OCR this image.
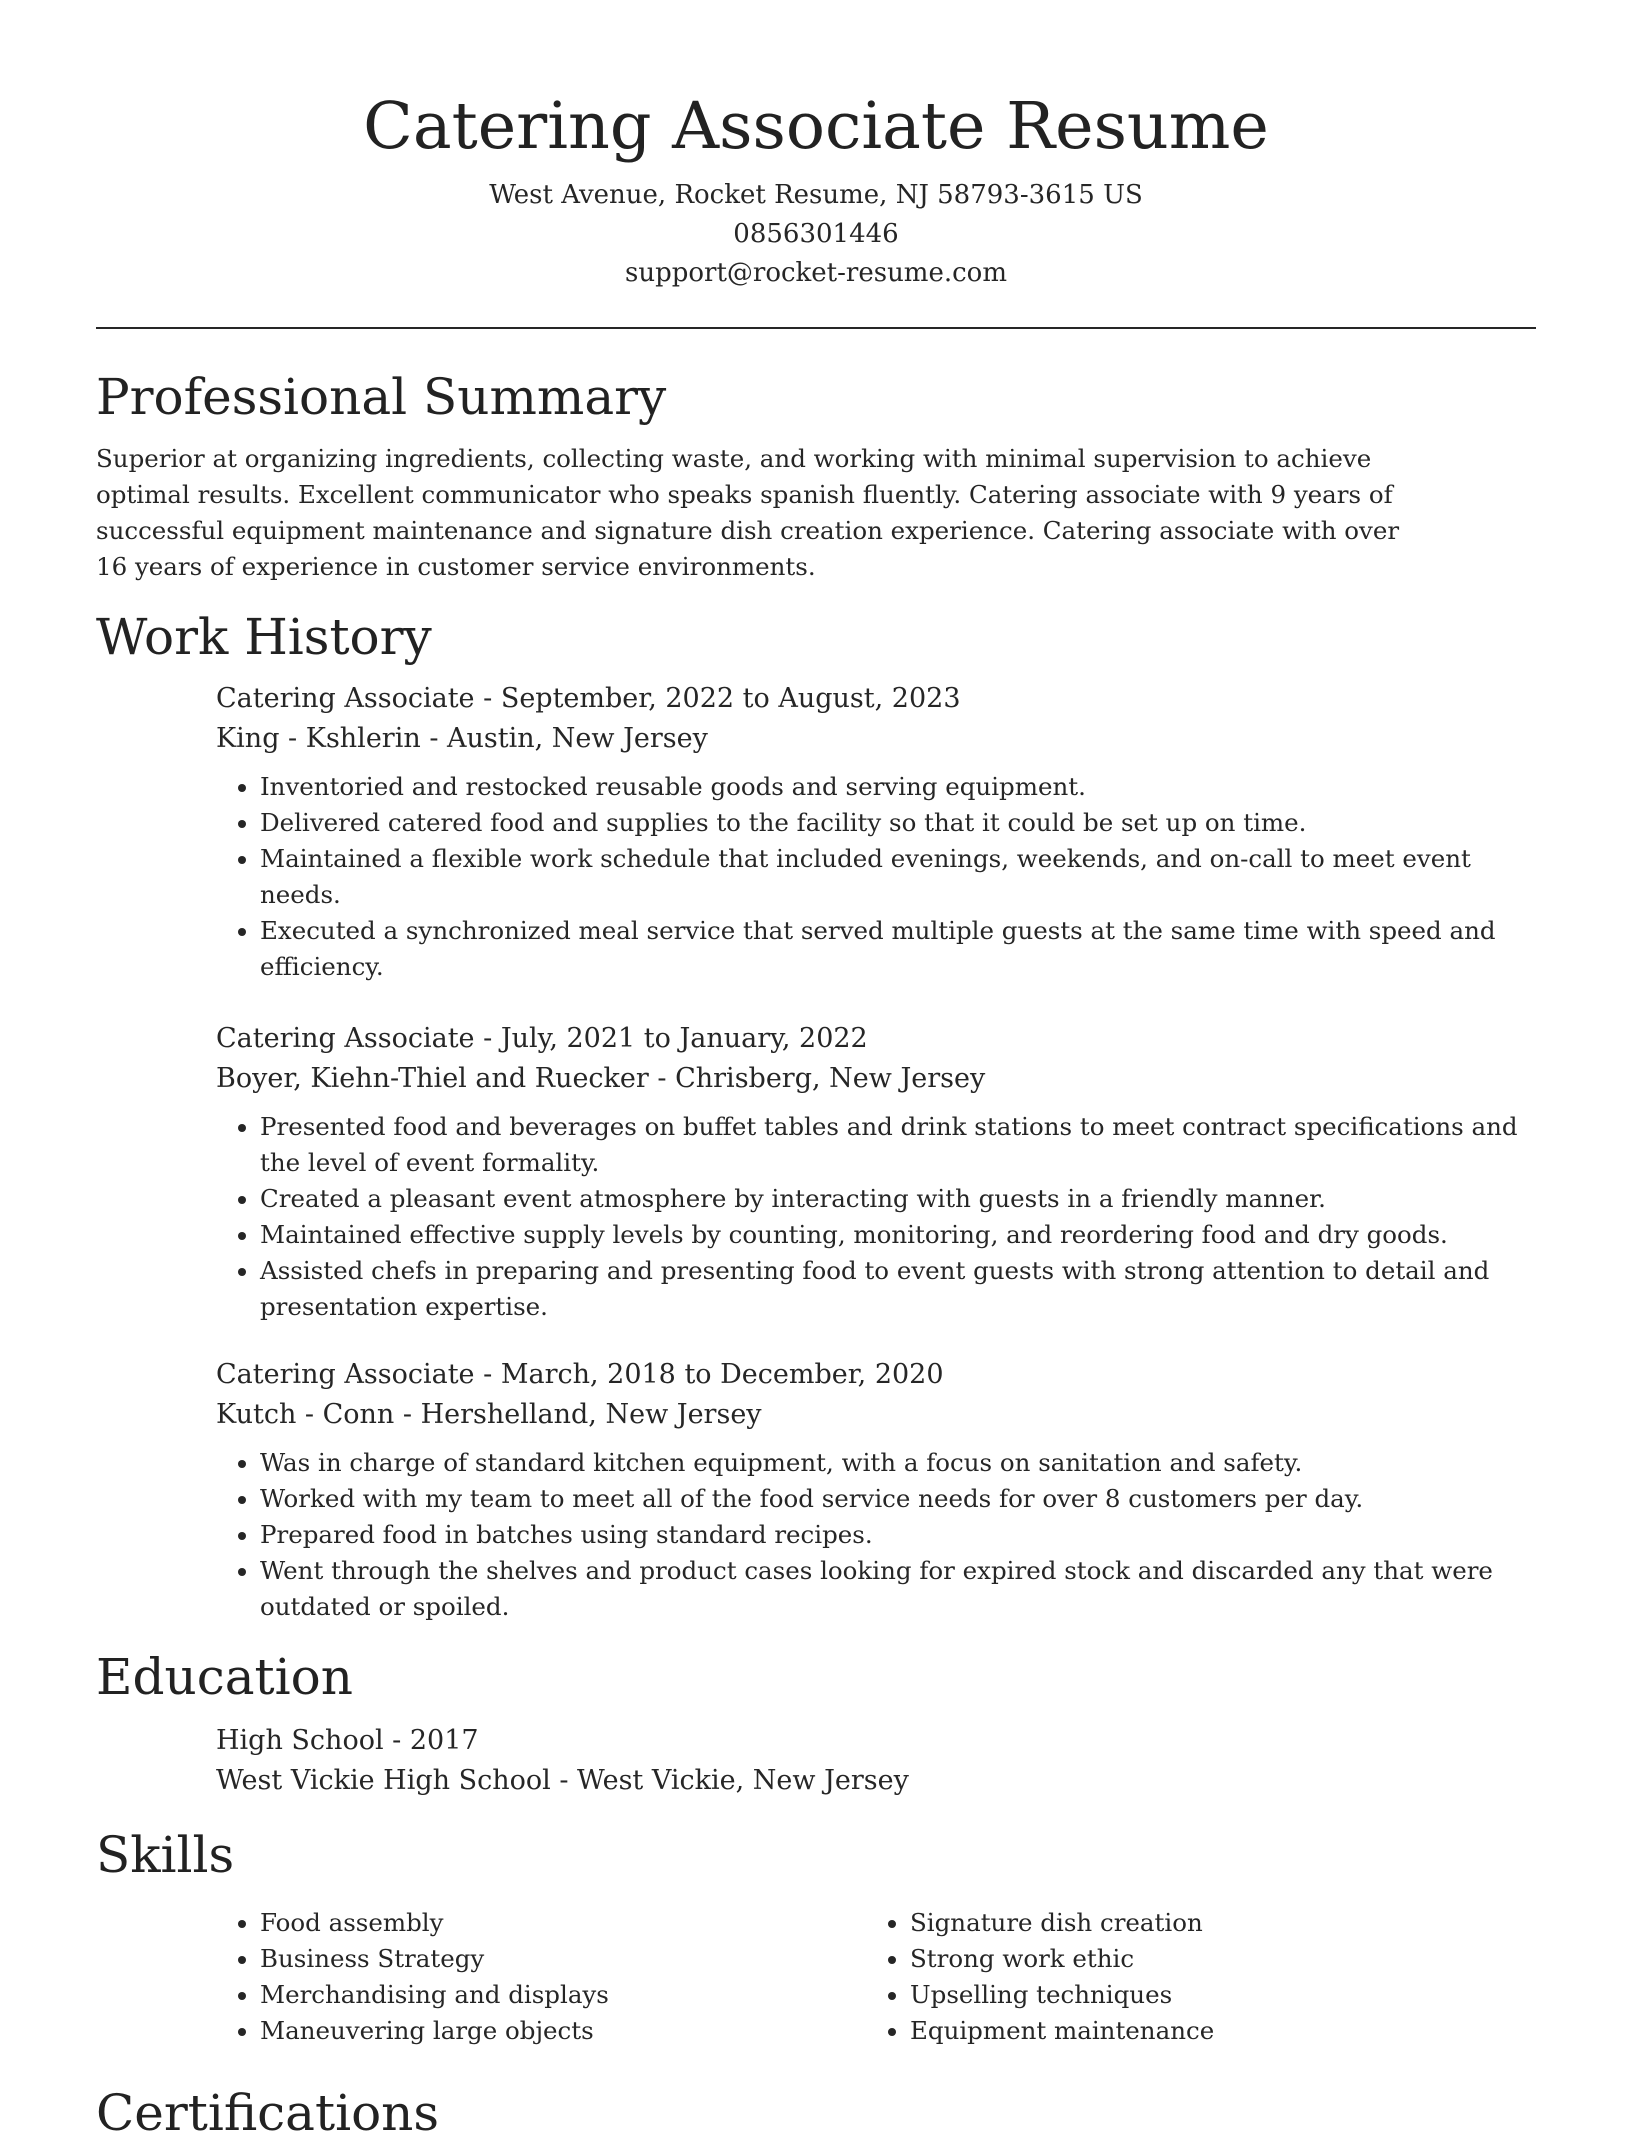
Catering Associate Resume
West Avenue, Rocket Resume, NJ 58793-3615 US
0856301446
support@rocket-resume.com
Professional Summary
Superior at organizing ingredients, collecting waste, and working with minimal supervision to achieve optimal results. Excellent communicator who speaks spanish fluently. Catering associate with 9 years of successful equipment maintenance and signature dish creation experience. Catering associate with over 16 years of experience in customer service environments.
Work History
Catering Associate - September, 2022 to August, 2023
King - Kshlerin - Austin, New Jersey
• Inventoried and restocked reusable goods and serving equipment.
• Delivered catered food and supplies to the facility so that it could be set up on time.
• Maintained a flexible work schedule that included evenings, weekends, and on-call to meet event needs.
• Executed a synchronized meal service that served multiple guests at the same time with speed and efficiency.
Catering Associate - July, 2021 to January, 2022
Boyer, Kiehn-Thiel and Ruecker - Chrisberg, New Jersey
• Presented food and beverages on buffet tables and drink stations to meet contract specifications and the level of event formality.
• Created a pleasant event atmosphere by interacting with guests in a friendly manner.
• Maintained effective supply levels by counting, monitoring, and reordering food and dry goods.
• Assisted chefs in preparing and presenting food to event guests with strong attention to detail and presentation expertise.
Catering Associate - March, 2018 to December, 2020
Kutch - Conn - Hershelland, New Jersey
• Was in charge of standard kitchen equipment, with a focus on sanitation and safety.
• Worked with my team to meet all of the food service needs for over 8 customers per day.
• Prepared food in batches using standard recipes.
• Went through the shelves and product cases looking for expired stock and discarded any that were outdated or spoiled.
Education
High School - 2017
West Vickie High School - West Vickie, New Jersey
Skills
• Food assembly
• Business Strategy
• Merchandising and displays
• Maneuvering large objects
• Signature dish creation
• Strong work ethic
• Upselling techniques
• Equipment maintenance
Certifications
